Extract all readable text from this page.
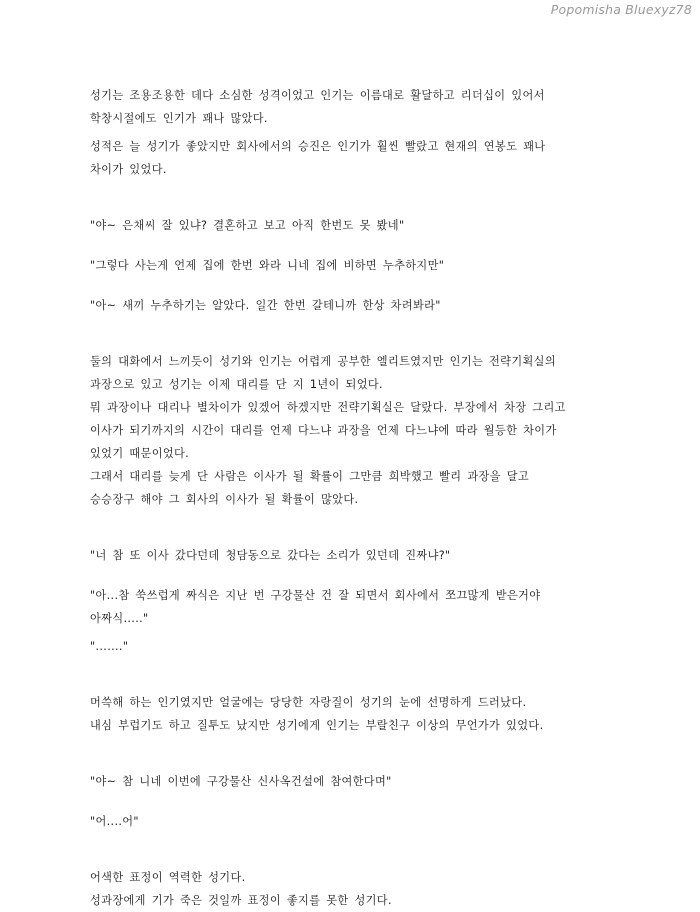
Popomisha Bluexyz78
성기는 조용조용한 데다 소심한 성격이었고 인기는 이름대로 활달하고 리더십이 있어서
학창시절에도 인기가 꽤나 많았다.
성적은 늘 성기가 좋았지만 회사에서의 승진은 인기가 훨씬 빨랐고 현재의 연봉도 꽤나
차이가 있었다.
"야~ 은채씨 잘 있냐? 결혼하고 보고 아직 한번도 못 봤네"
"그렇다 사는게 언제 집에 한번 와라 니네 집에 비하면 누추하지만"
"아~ 새끼 누추하기는 알았다. 일간 한번 갈테니까 한상 차려봐라"
둘의 대화에서 느끼듯이 성기와 인기는 어렵게 공부한 엘리트였지만 인기는 전략기획실의
과장으로 있고 성기는 이제 대리를 단 지 1년이 되었다.
뭐 과장이나 대리나 별차이가 있겠어 하겠지만 전략기획실은 달랐다. 부장에서 차장 그리고
이사가 되기까지의 시간이 대리를 언제 다느냐 과장을 언제 다느냐에 따라 월등한 차이가
있었기 때문이었다.
그래서 대리를 늦게 단 사람은 이사가 될 확률이 그만큼 희박했고 빨리 과장을 달고
승승장구 해야 그 회사의 이사가 될 확률이 많았다.
"너 참 또 이사 갔다던데 청담동으로 갔다는 소리가 있던데 진짜냐?"
"아...참 쑥쓰럽게 짜식은 지난 번 구강물산 건 잘 되면서 회사에서 쪼끄많게 받은거야
아짜식....."
"......."
머쓱해 하는 인기였지만 얼굴에는 당당한 자랑질이 성기의 눈에 선명하게 드러났다.
내심 부럽기도 하고 질투도 났지만 성기에게 인기는 부랄친구 이상의 무언가가 있었다.
"야~ 참 니네 이번에 구강물산 신사옥건설에 참여한다며"
"어....어"
어색한 표정이 역력한 성기다.
성과장에게 기가 죽은 것일까 표정이 좋지를 못한 성기다.
